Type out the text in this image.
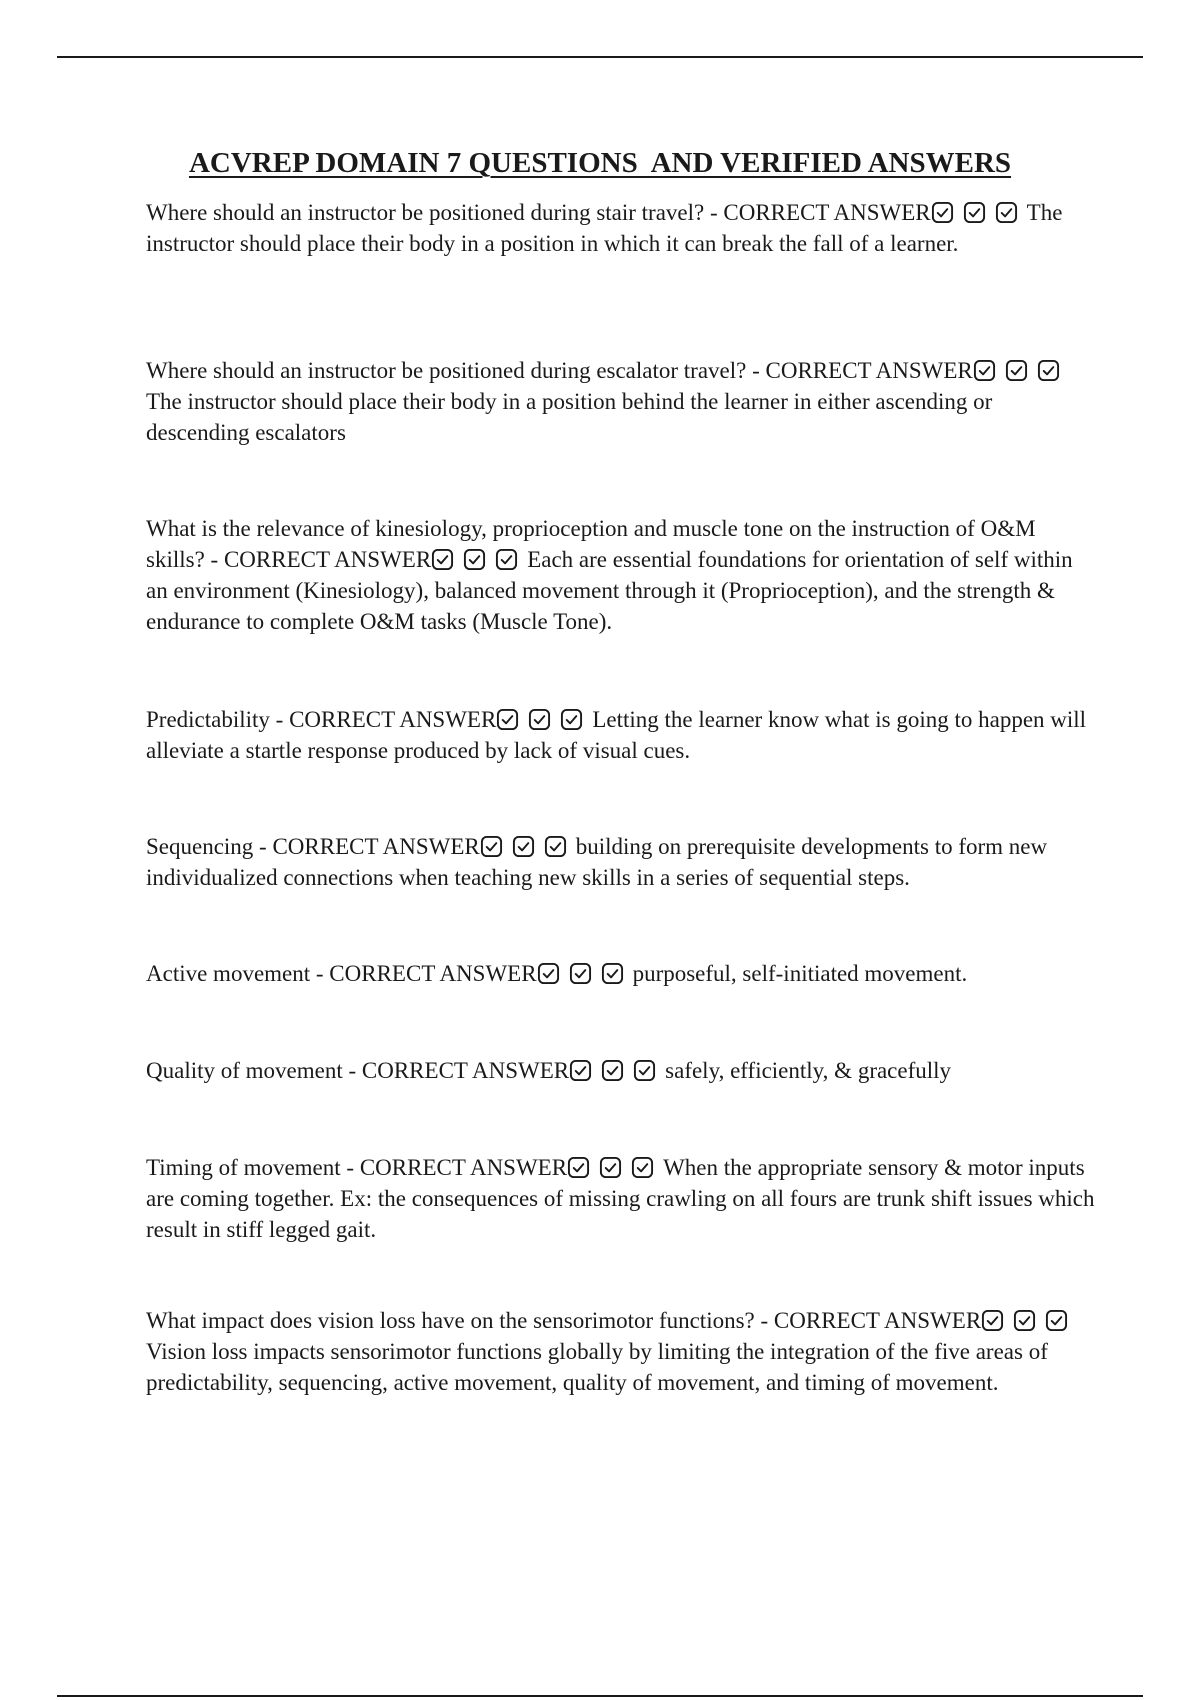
ACVREP DOMAIN 7 QUESTIONS  AND VERIFIED ANSWERS

Where should an instructor be positioned during stair travel? - CORRECT ANSWER	The instructor should place their body in a position in which it can break the fall of a learner.

Where should an instructor be positioned during escalator travel? - CORRECT ANSWER
The instructor should place their body in a position behind the learner in either ascending or descending escalators

What is the relevance of kinesiology, proprioception and muscle tone on the instruction of O&M skills? - CORRECT ANSWER	Each are essential foundations for orientation of self within an environment (Kinesiology), balanced movement through it (Proprioception), and the strength & endurance to complete O&M tasks (Muscle Tone).

Predictability - CORRECT ANSWER	Letting the learner know what is going to happen will alleviate a startle response produced by lack of visual cues.

Sequencing - CORRECT ANSWER	building on prerequisite developments to form new individualized connections when teaching new skills in a series of sequential steps.

Active movement - CORRECT ANSWER	purposeful, self-initiated movement.

Quality of movement - CORRECT ANSWER	safely, efficiently, & gracefully

Timing of movement - CORRECT ANSWER	When the appropriate sensory & motor inputs are coming together. Ex: the consequences of missing crawling on all fours are trunk shift issues which result in stiff legged gait.

What impact does vision loss have on the sensorimotor functions? - CORRECT ANSWER
Vision loss impacts sensorimotor functions globally by limiting the integration of the five areas of predictability, sequencing, active movement, quality of movement, and timing of movement.
